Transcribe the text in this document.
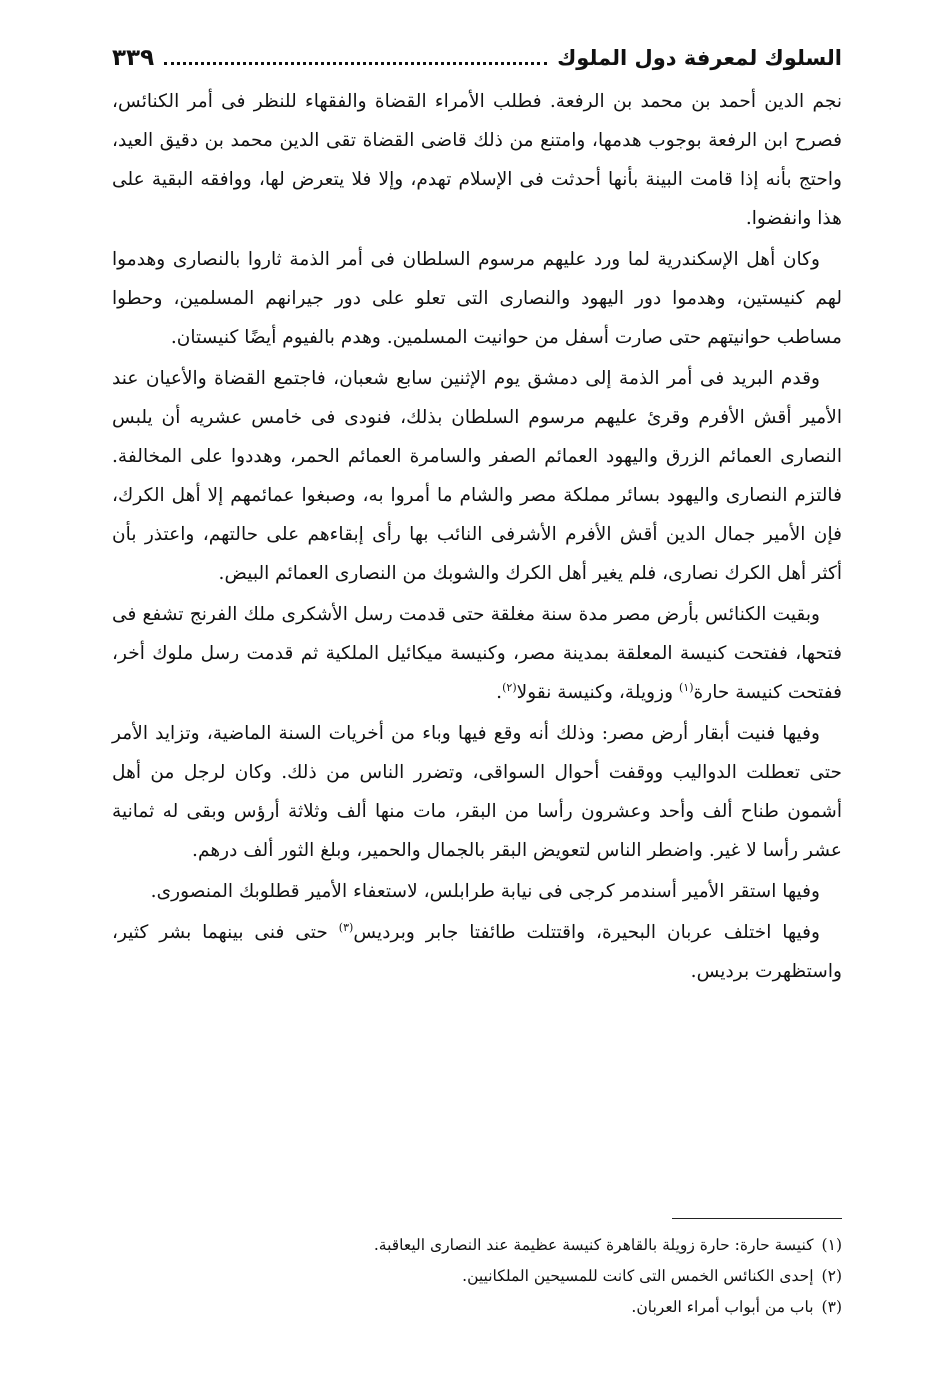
السلوك لمعرفة دول الملوك
٣٣٩

نجم الدين أحمد بن محمد بن الرفعة. فطلب الأمراء القضاة والفقهاء للنظر فى أمر الكنائس، فصرح ابن الرفعة بوجوب هدمها، وامتنع من ذلك قاضى القضاة تقى الدين محمد بن دقيق العيد، واحتج بأنه إذا قامت البينة بأنها أحدثت فى الإسلام تهدم، وإلا فلا يتعرض لها، ووافقه البقية على هذا وانفضوا.

وكان أهل الإسكندرية لما ورد عليهم مرسوم السلطان فى أمر الذمة ثاروا بالنصارى وهدموا لهم كنيستين، وهدموا دور اليهود والنصارى التى تعلو على دور جيرانهم المسلمين، وحطوا مساطب حوانيتهم حتى صارت أسفل من حوانيت المسلمين. وهدم بالفيوم أيضًا كنيستان.

وقدم البريد فى أمر الذمة إلى دمشق يوم الإثنين سابع شعبان، فاجتمع القضاة والأعيان عند الأمير أقش الأفرم وقرئ عليهم مرسوم السلطان بذلك، فنودى فى خامس عشريه أن يلبس النصارى العمائم الزرق واليهود العمائم الصفر والسامرة العمائم الحمر، وهددوا على المخالفة. فالتزم النصارى واليهود بسائر مملكة مصر والشام ما أمروا به، وصبغوا عمائمهم إلا أهل الكرك، فإن الأمير جمال الدين أقش الأفرم الأشرفى النائب بها رأى إبقاءهم على حالتهم، واعتذر بأن أكثر أهل الكرك نصارى، فلم يغير أهل الكرك والشوبك من النصارى العمائم البيض.

وبقيت الكنائس بأرض مصر مدة سنة مغلقة حتى قدمت رسل الأشكرى ملك الفرنج تشفع فى فتحها، ففتحت كنيسة المعلقة بمدينة مصر، وكنيسة ميكائيل الملكية ثم قدمت رسل ملوك أخر، ففتحت كنيسة حارة$^{(١)}$ وزويلة، وكنيسة نقولا$^{(٢)}$.

وفيها فنيت أبقار أرض مصر: وذلك أنه وقع فيها وباء من أخريات السنة الماضية، وتزايد الأمر حتى تعطلت الدواليب ووقفت أحوال السواقى، وتضرر الناس من ذلك. وكان لرجل من أهل أشمون طناح ألف وأحد وعشرون رأسا من البقر، مات منها ألف وثلاثة أرؤس وبقى له ثمانية عشر رأسا لا غير. واضطر الناس لتعويض البقر بالجمال والحمير، وبلغ الثور ألف درهم.

وفيها استقر الأمير أسندمر كرجى فى نيابة طرابلس، لاستعفاء الأمير قطلوبك المنصورى.

وفيها اختلف عربان البحيرة، واقتتلت طائفتا جابر وبرديس$^{(٣)}$ حتى فنى بينهما بشر كثير، واستظهرت برديس.

(١)
كنيسة حارة: حارة زويلة بالقاهرة كنيسة عظيمة عند النصارى اليعاقبة.
(٢)
إحدى الكنائس الخمس التى كانت للمسيحين الملكانيين.
(٣)
باب من أبواب أمراء العربان.
